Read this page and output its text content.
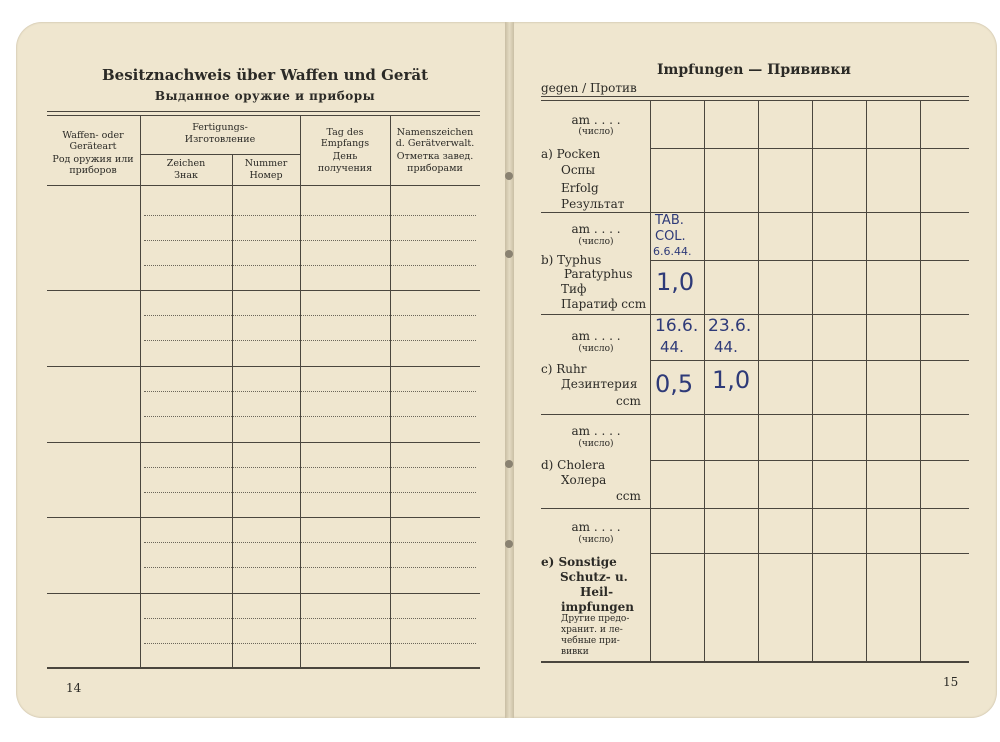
Besitznachweis über Waffen und Gerät
Выданное оружие и приборы
Waffen- oder
Geräteart
Род оружия или
приборов
Fertigungs-
Изготовление
Zeichen
Знак
Nummer
Номер
Tag des
Empfangs
День
получения
Namenszeichen
d. Gerätverwalt.
Отметка завед.
приборами
14
Impfungen — Прививки
gegen / Против
am . . . .
(число)
a) Pocken
Оспы
Erfolg
Результат
am . . . .
(число)
b) Typhus
Paratyphus
Тиф
Паратиф ccm
am . . . .
(число)
c) Ruhr
Дезинтерия
ccm
am . . . .
(число)
d) Cholera
Холера
ccm
am . . . .
(число)
e) Sonstige
Schutz- u.
Heil-
impfungen
Другие предо-
хранит. и ле-
чебные при-
вивки
TAB.
COL.
6.6.44.
1,0
16.6.
44.
23.6.
44.
0,5 1,0
15
